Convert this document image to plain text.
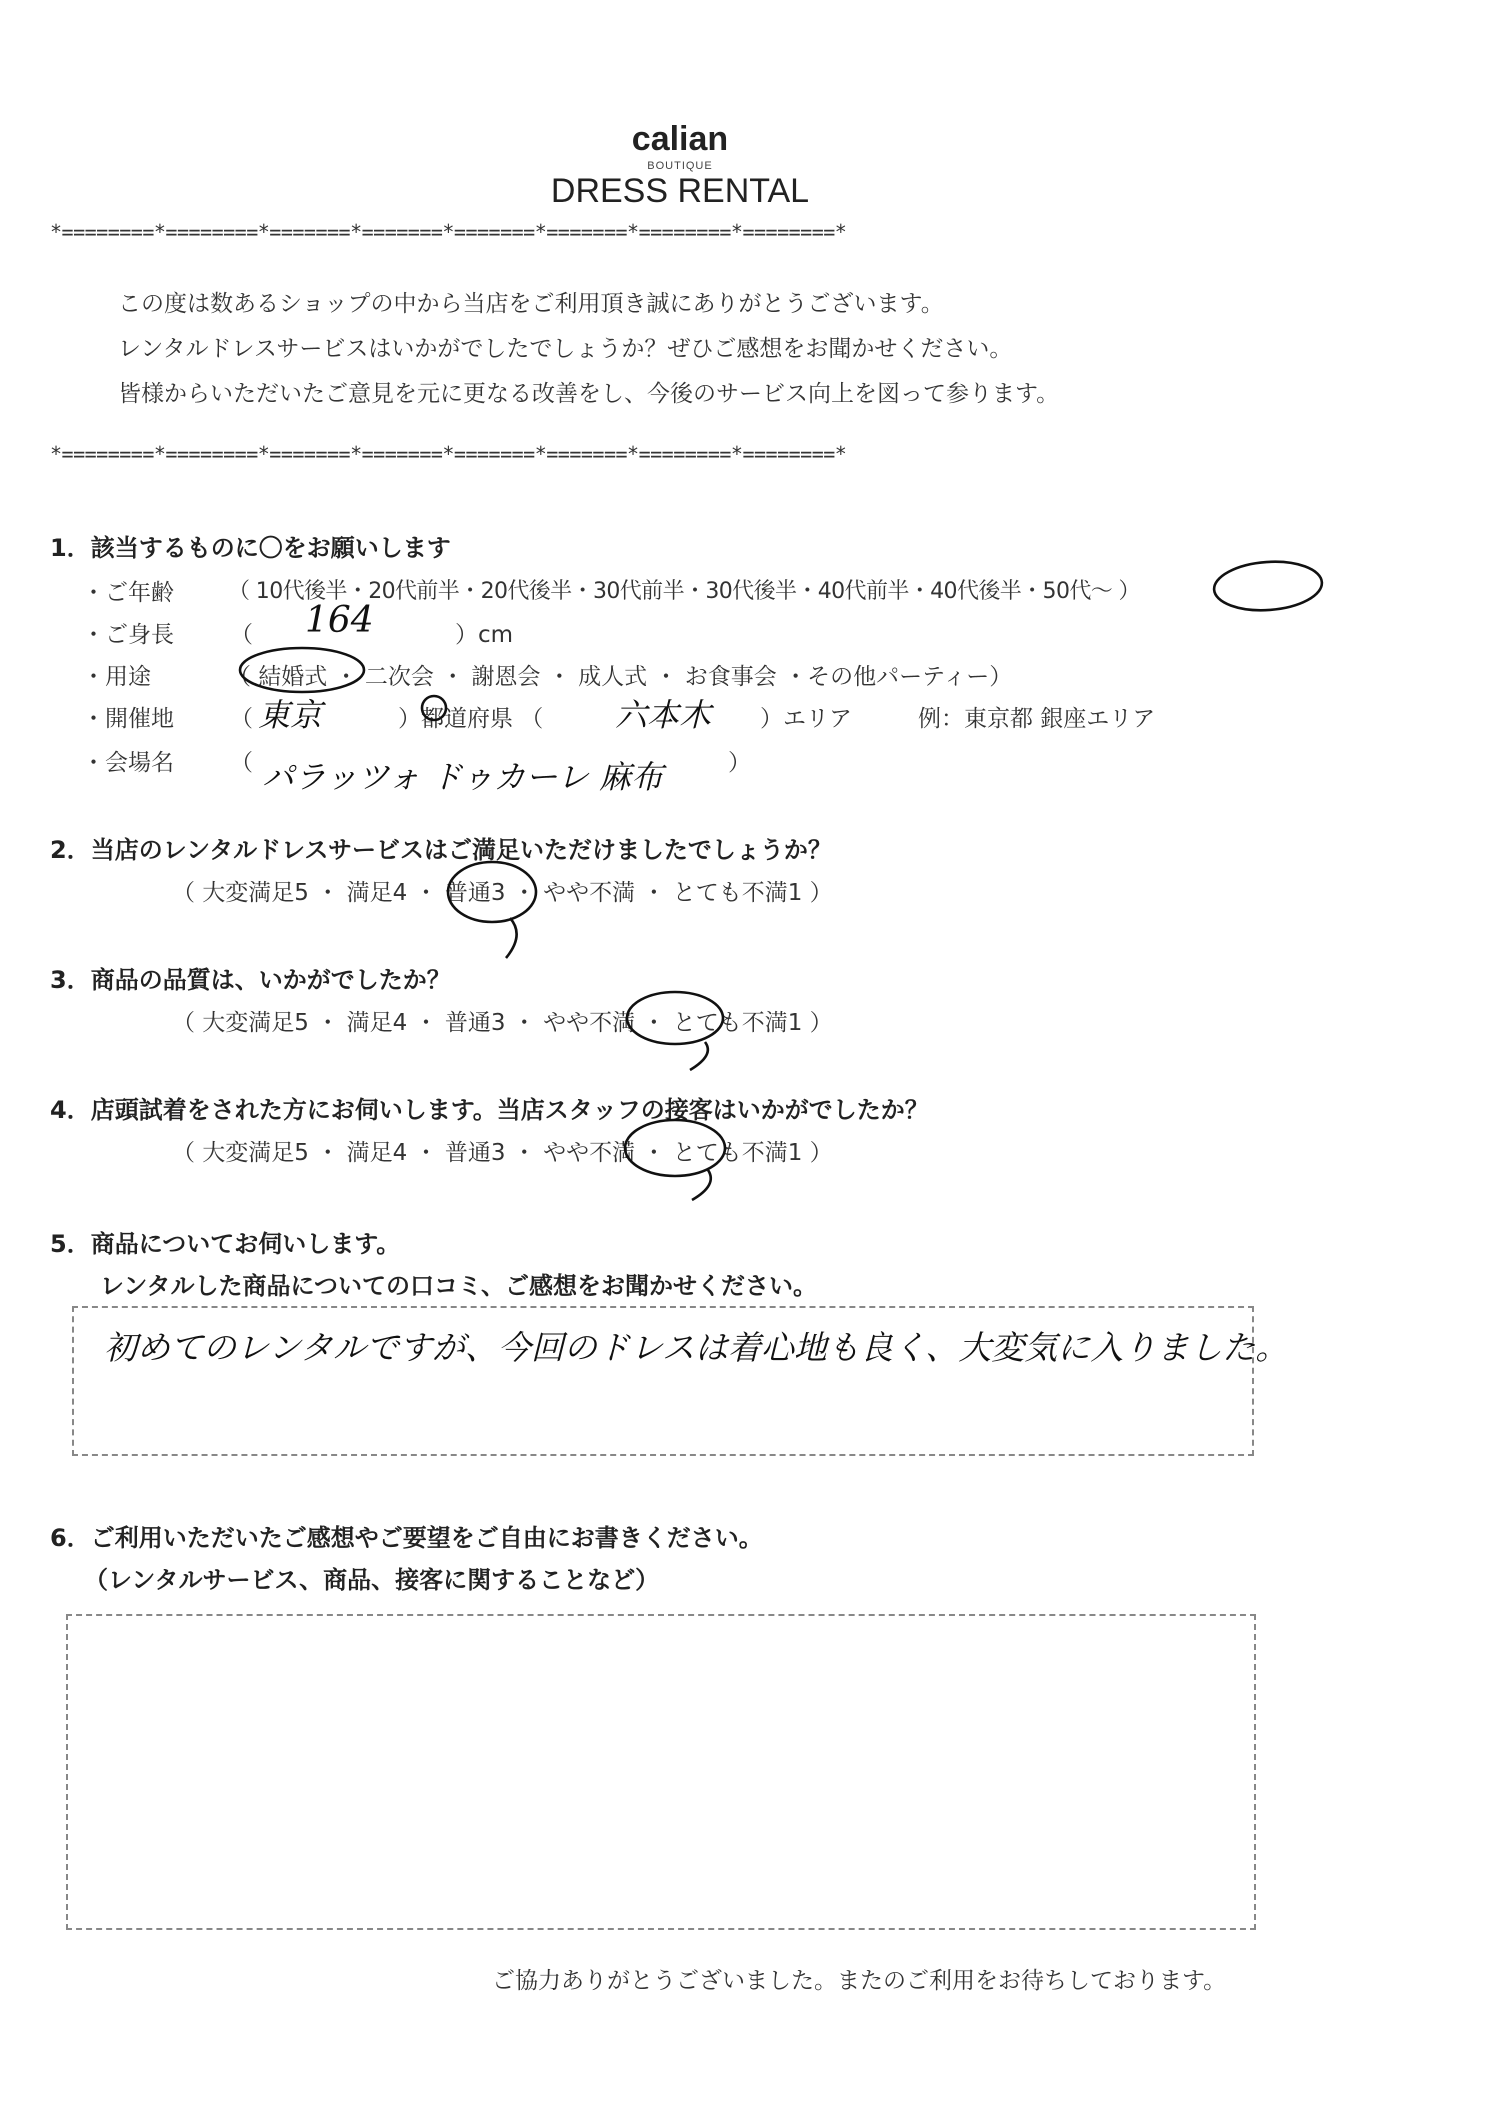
calian
BOUTIQUE
DRESS RENTAL
*========*========*=======*=======*=======*=======*========*========*
この度は数あるショップの中から当店をご利用頂き誠にありがとうございます。
レンタルドレスサービスはいかがでしたでしょうか？ぜひご感想をお聞かせください。
皆様からいただいたご意見を元に更なる改善をし、今後のサービス向上を図って参ります。
*========*========*=======*=======*=======*=======*========*========*
1．該当するものに〇をお願いします
・ご年齢 （ 10代後半・20代前半・20代後半・30代前半・30代後半・40代前半・40代後半・50代～ ）
・ご身長 （ 164	）cm
・用途	（ 結婚式 ・ 二次会 ・ 謝恩会 ・ 成人式 ・ お食事会 ・その他パーティー）
・開催地 （ 東京	）都道府県 （ 六本木 ）エリア	例：東京都 銀座エリア
・会場名 （ パラッツォ ドゥカーレ 麻布	）
2．当店のレンタルドレスサービスはご満足いただけましたでしょうか？
（ 大変満足5 ・ 満足4 ・ 普通3 ・ やや不満 ・ とても不満1 ）
3．商品の品質は、いかがでしたか？
（ 大変満足5 ・ 満足4 ・ 普通3 ・ やや不満 ・ とても不満1 ）
4．店頭試着をされた方にお伺いします。当店スタッフの接客はいかがでしたか？
（ 大変満足5 ・ 満足4 ・ 普通3 ・ やや不満 ・ とても不満1 ）
5．商品についてお伺いします。
レンタルした商品についての口コミ、ご感想をお聞かせください。
初めてのレンタルですが、今回のドレスは着心地も良く、大変気に入りました。
6．ご利用いただいたご感想やご要望をご自由にお書きください。
（レンタルサービス、商品、接客に関することなど）
ご協力ありがとうございました。またのご利用をお待ちしております。
